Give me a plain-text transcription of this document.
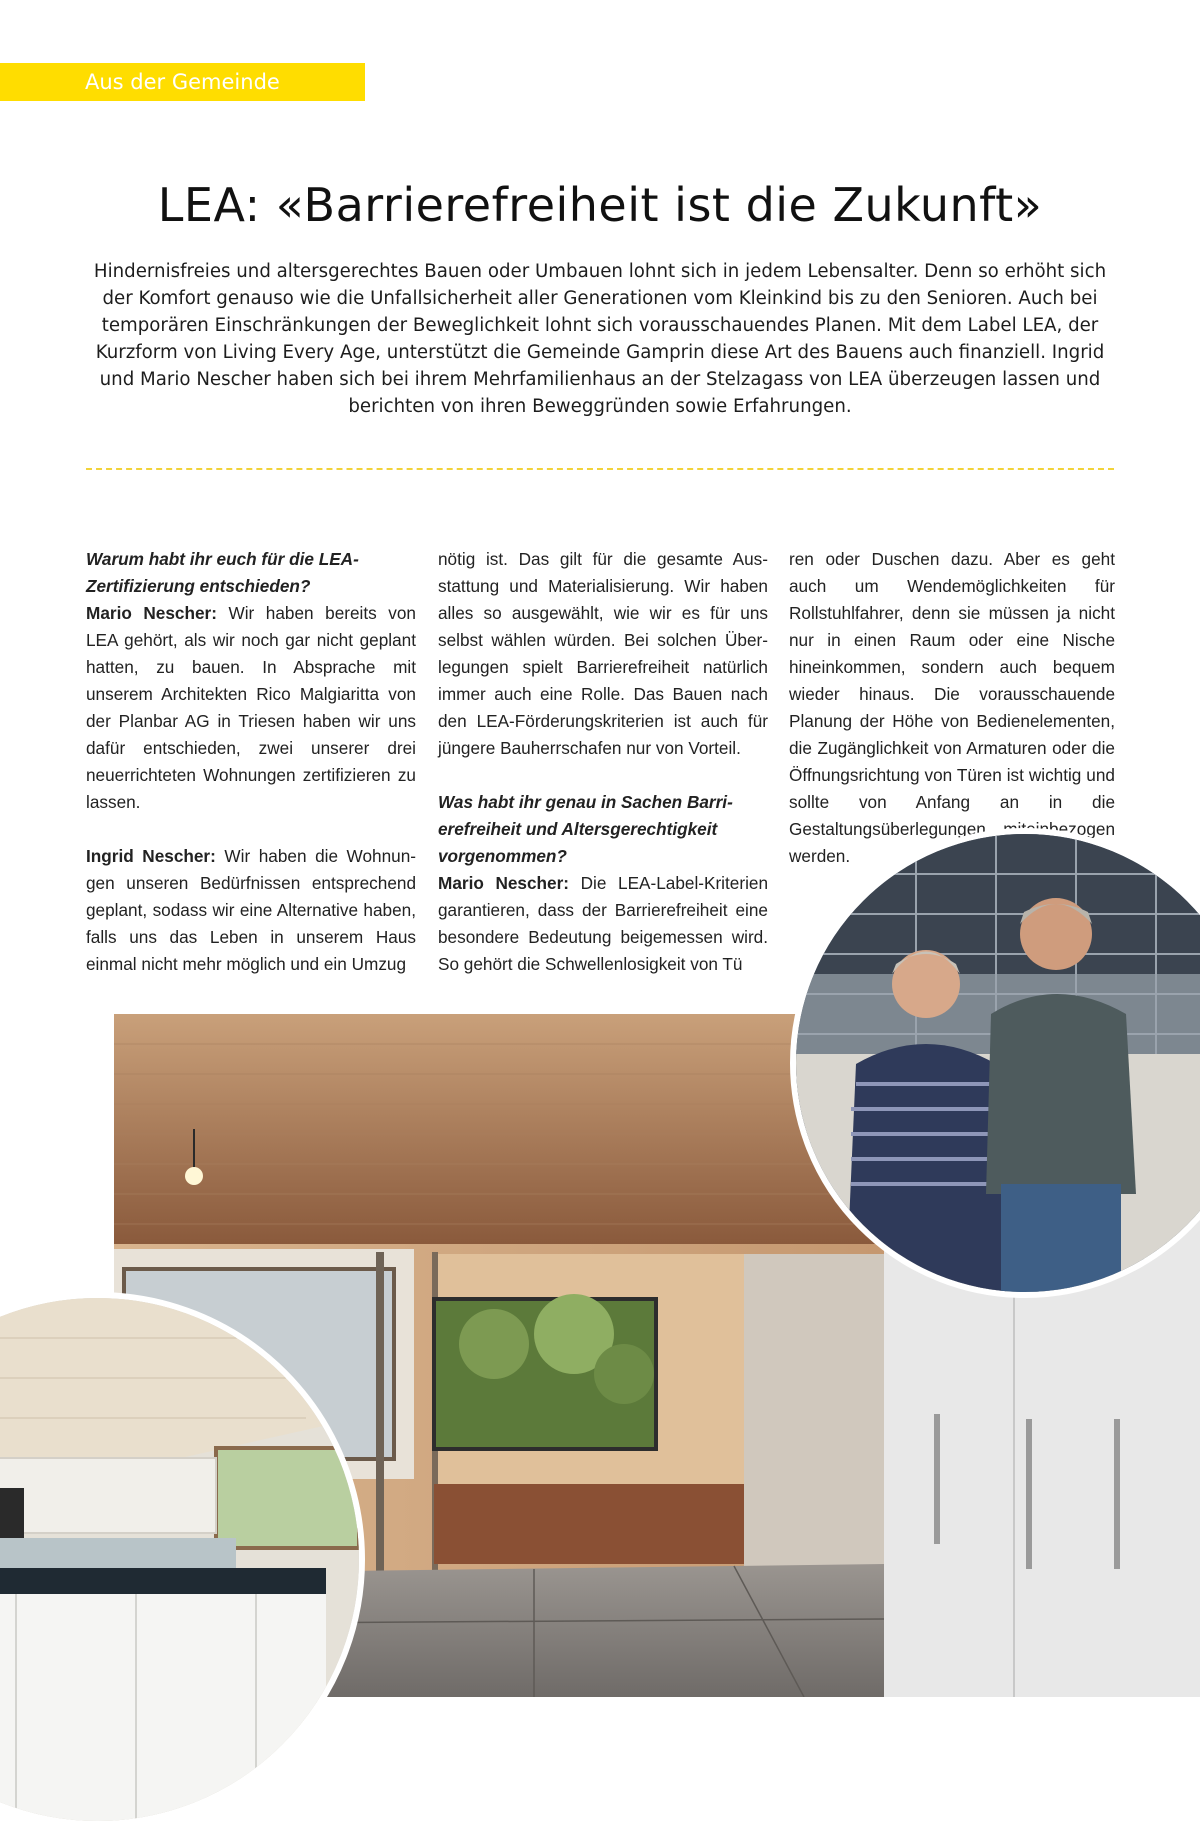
Aus der Gemeinde
LEA: «Barrierefreiheit ist die Zukunft»

Hindernisfreies und altersgerechtes Bauen oder Umbauen lohnt sich in jedem Lebensalter. Denn so erhöht sich der Komfort genauso wie die Unfallsicherheit aller Generationen vom Kleinkind bis zu den Senioren. Auch bei temporären Einschränkungen der Beweglichkeit lohnt sich vorausschauendes Planen. Mit dem Label LEA, der Kurzform von Living Every Age, unterstützt die Gemeinde Gamprin diese Art des Bauens auch finanziell. Ingrid und Mario Nescher haben sich bei ihrem Mehrfamilienhaus an der Stelzagass von LEA überzeugen lassen und berichten von ihren Beweggründen sowie Erfahrungen.

Warum habt ihr euch für die LEA-Zertifizierung entschieden?
Mario Nescher: Wir haben bereits von LEA gehört, als wir noch gar nicht geplant hatten, zu bauen. In Absprache mit unserem Architekten Rico Malgiaritta von der Planbar AG in Triesen haben wir uns dafür entschieden, zwei unserer drei neuerrichteten Wohnungen zertifizieren zu lassen.

Ingrid Nescher: Wir haben die Wohnungen unseren Bedürfnissen entsprechend geplant, sodass wir eine Alternative haben, falls uns das Leben in unserem Haus einmal nicht mehr möglich und ein Umzug

nötig ist. Das gilt für die gesamte Ausstattung und Materialisierung. Wir haben alles so ausgewählt, wie wir es für uns selbst wählen würden. Bei solchen Überlegungen spielt Barrierefreiheit natürlich immer auch eine Rolle. Das Bauen nach den LEA-Förderungskriterien ist auch für jüngere Bauherrschafen nur von Vorteil.

Was habt ihr genau in Sachen Barrierefreiheit und Altersgerechtigkeit vorgenommen?
Mario Nescher: Die LEA-Label-Kriterien garantieren, dass der Barrierefreiheit eine besondere Bedeutung beigemessen wird. So gehört die Schwellenlosigkeit von Tü

ren oder Duschen dazu. Aber es geht auch um Wendemöglichkeiten für Rollstuhlfahrer, denn sie müssen ja nicht nur in einen Raum oder eine Nische hineinkommen, sondern auch bequem wieder hinaus. Die vorausschauende Planung der Höhe von Bedienelementen, die Zugänglichkeit von Armaturen oder die Öffnungsrichtung von Türen ist wichtig und sollte von Anfang an in die Gestaltungsüberlegungen miteinbezogen werden.
